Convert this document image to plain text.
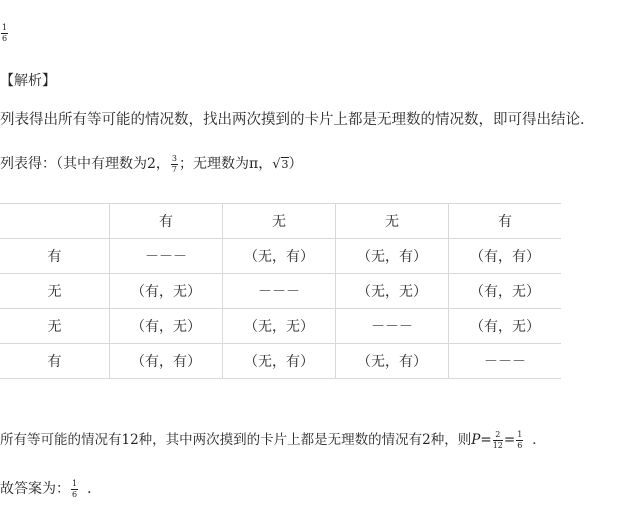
$\frac{1}{6}$
【解析】
列表得出所有等可能的情况数，找出两次摸到的卡片上都是无理数的情况数，即可得出结论．
列表得：（其中有理数为2， $\frac{3}{7}$ ；无理数为π，√3）
	有	无	无	有
有	－－－	（无，有）	（无，有）	（有，有）
无	（有，无）	－－－	（无，无）	（有，无）
无	（有，无）	（无，无）	－－－	（有，无）
有	（有，有）	（无，有）	（无，有）	－－－
所有等可能的情况有12种，其中两次摸到的卡片上都是无理数的情况有2种，则$P= \frac{2}{12} = \frac{1}{6}$ ．
故答案为： $\frac{1}{6}$ ．
